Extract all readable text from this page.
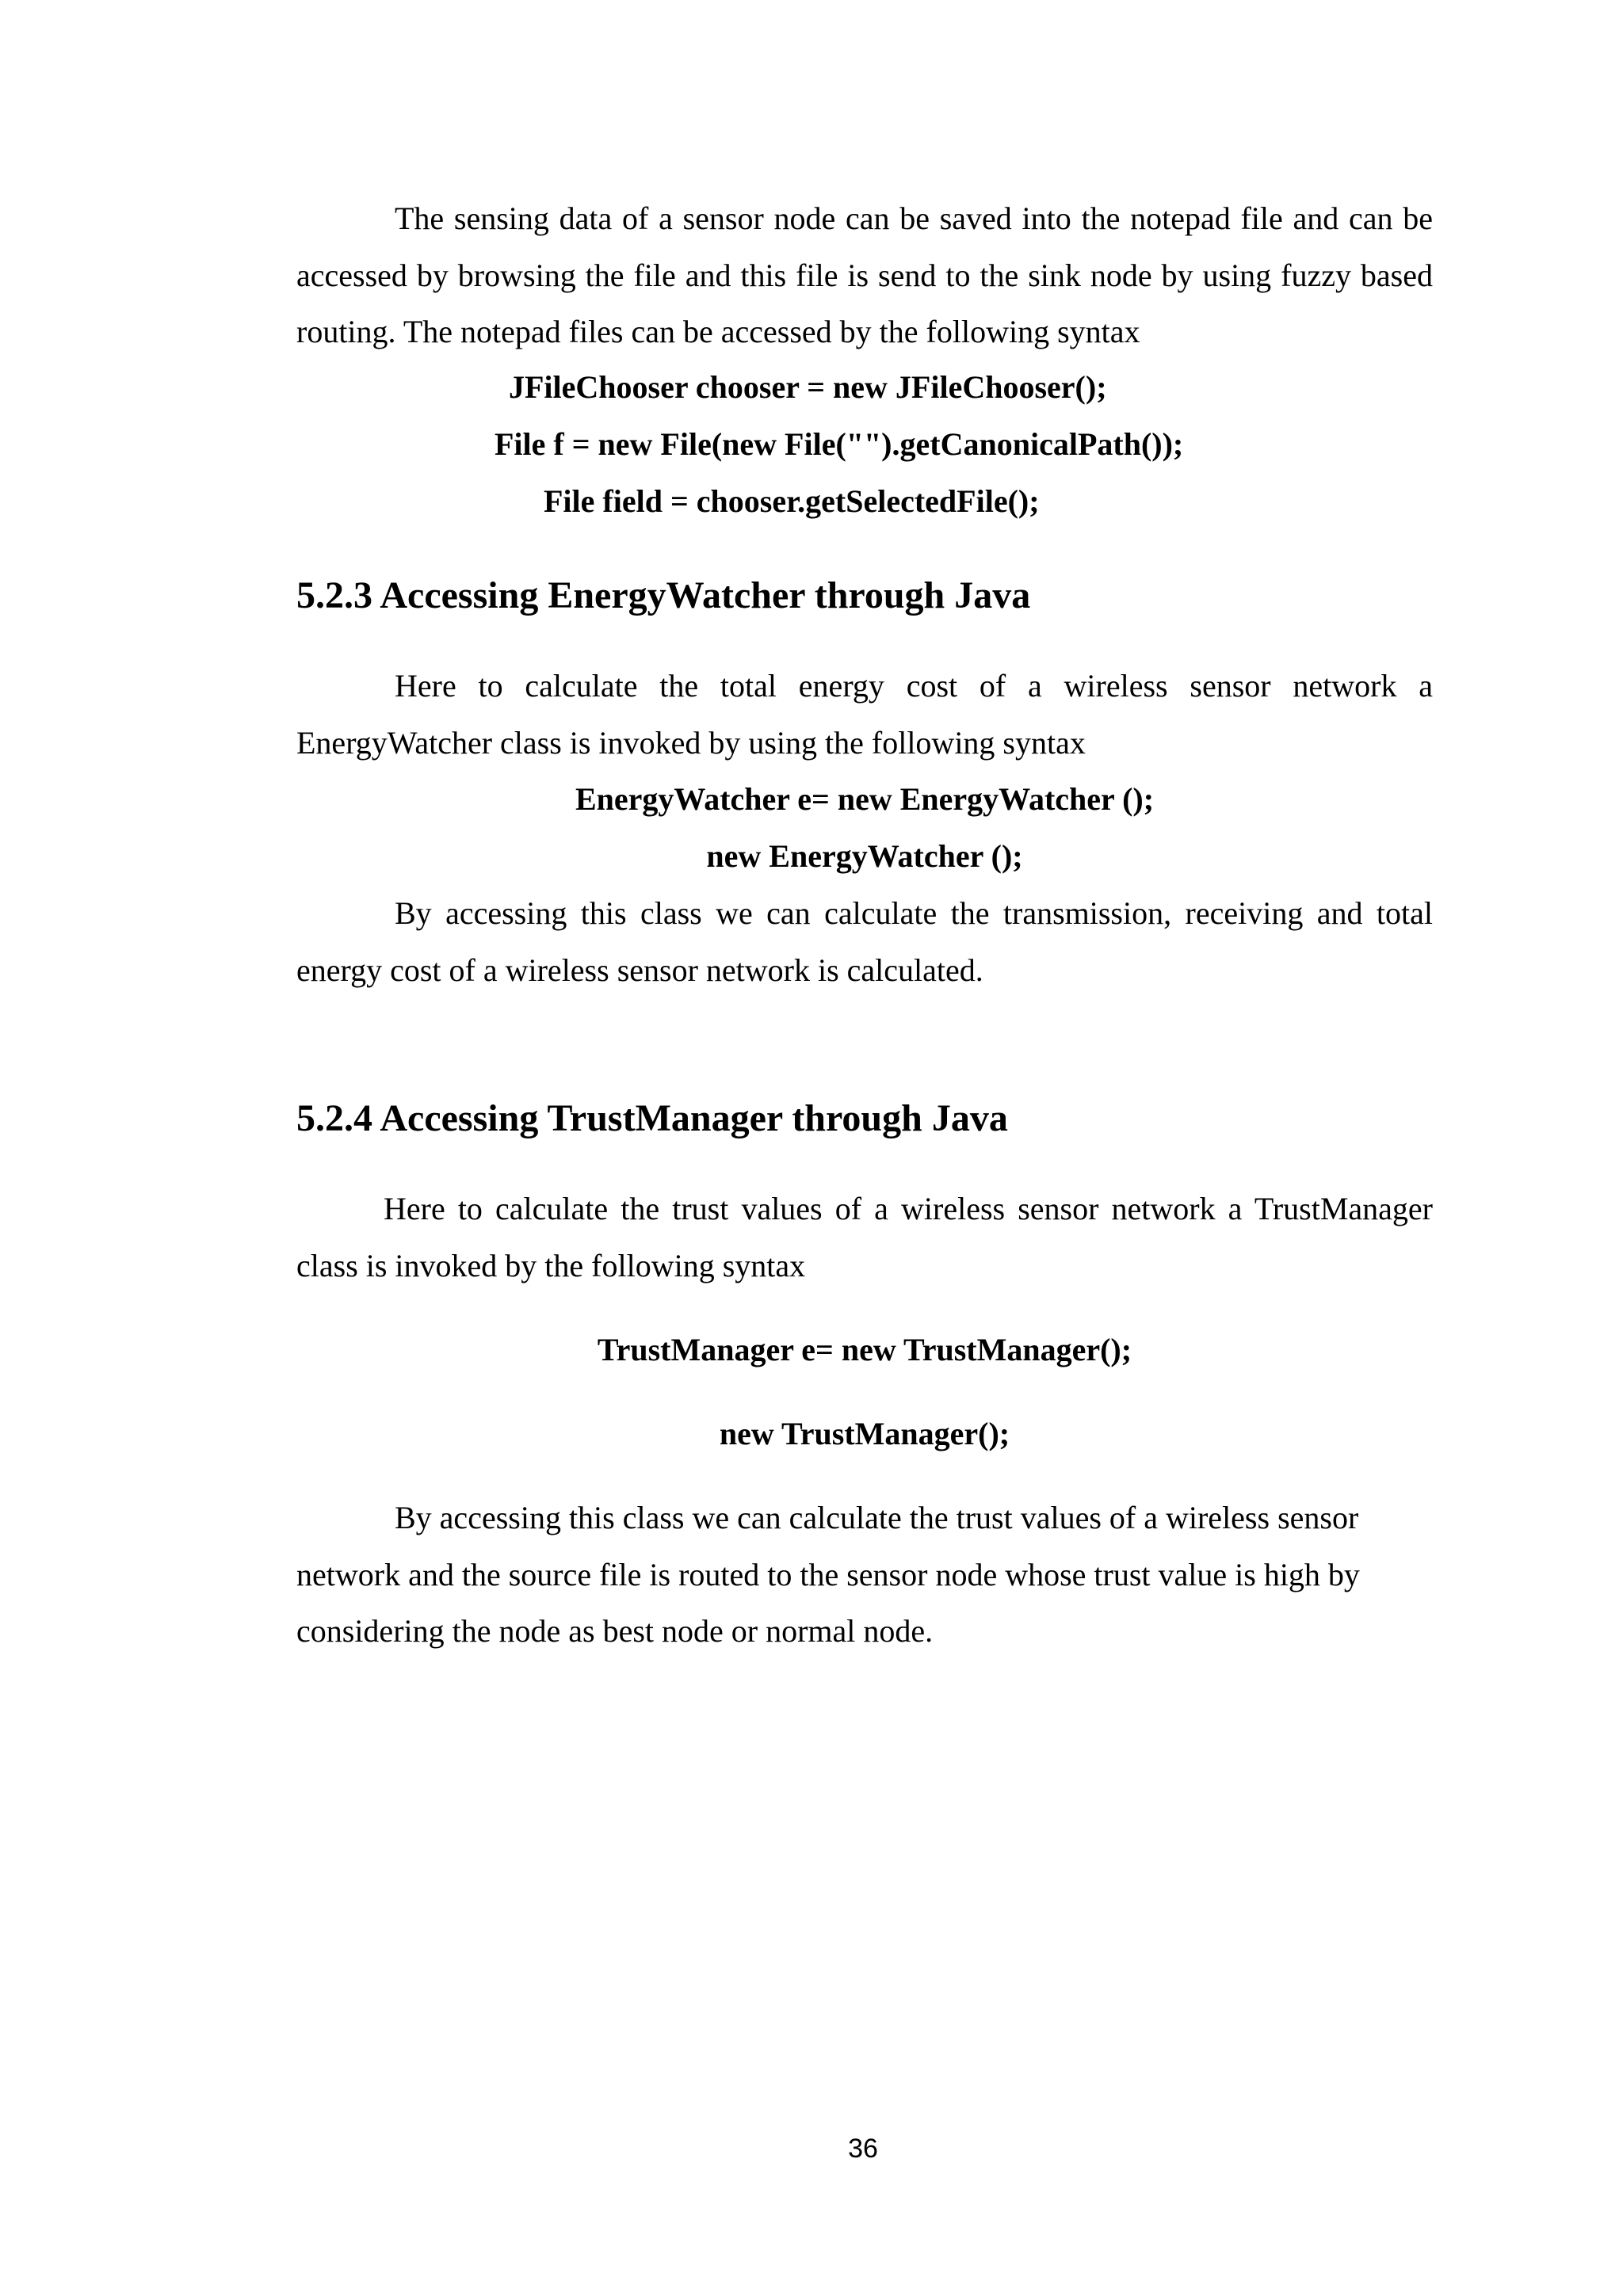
The sensing data of a sensor node can be saved into the notepad file and can be accessed by browsing the file and this file is send to the sink node by using fuzzy based routing. The notepad files can be accessed by the following syntax

JFileChooser chooser = new JFileChooser();

File f = new File(new File("").getCanonicalPath());

File field = chooser.getSelectedFile();

5.2.3 Accessing EnergyWatcher through Java

Here to calculate the total energy cost of a wireless sensor network a EnergyWatcher class is invoked by using the following syntax

EnergyWatcher e= new EnergyWatcher ();

new EnergyWatcher ();

By accessing this class we can calculate the transmission, receiving and total energy cost of a wireless sensor network is calculated.

5.2.4 Accessing TrustManager through Java

Here to calculate the trust values of a wireless sensor network a TrustManager class is invoked by the following syntax

TrustManager e= new TrustManager();

new TrustManager();

By accessing this class we can calculate the trust values of a wireless sensor network and the source file is routed to the sensor node whose trust value is high by considering the node as best node or normal node.

36
